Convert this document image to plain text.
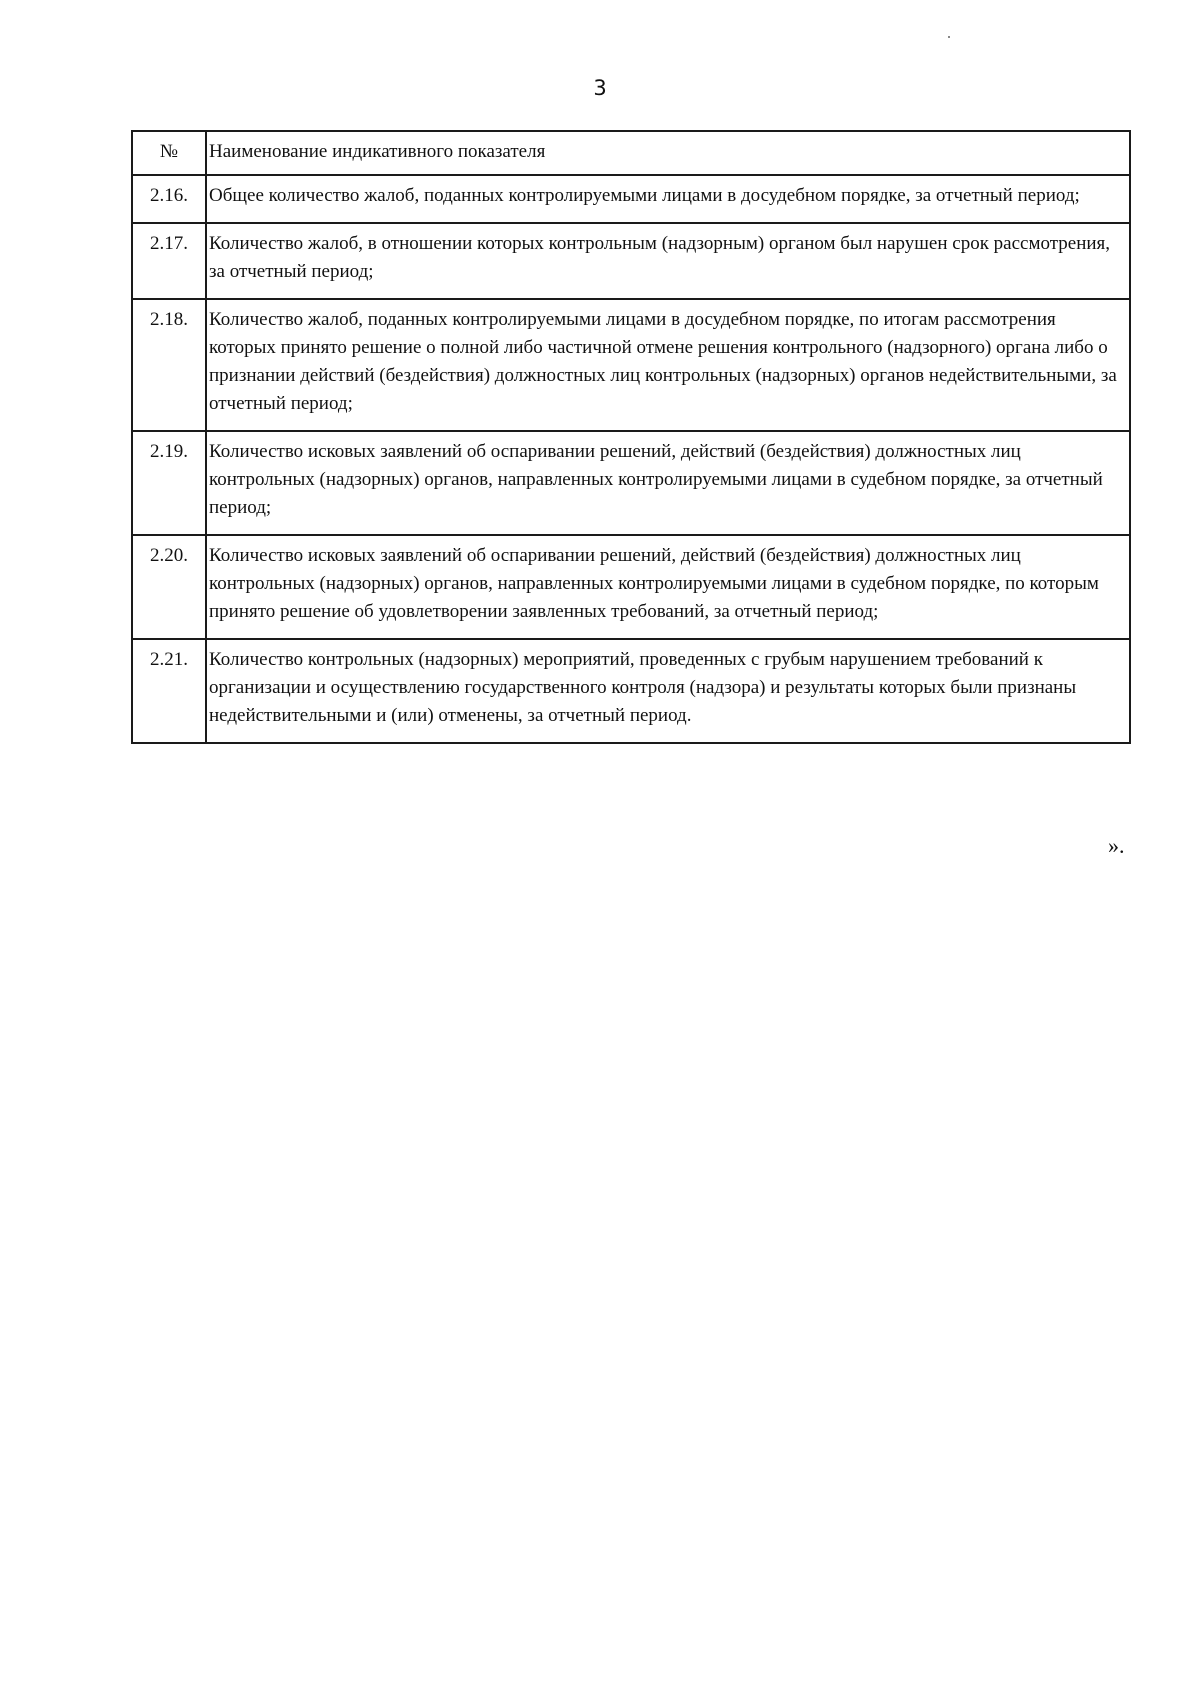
3
№	Наименование индикативного показателя
2.16.	Общее количество жалоб, поданных контролируемыми лицами в досудебном порядке, за отчетный период;
2.17.	Количество жалоб, в отношении которых контрольным (надзорным) органом был нарушен срок рассмотрения, за отчетный период;
2.18.	Количество жалоб, поданных контролируемыми лицами в досудебном порядке, по итогам рассмотрения которых принято решение о полной либо частичной отмене решения контрольного (надзорного) органа либо о признании действий (бездействия) должностных лиц контрольных (надзорных) органов недействительными, за отчетный период;
2.19.	Количество исковых заявлений об оспаривании решений, действий (бездействия) должностных лиц контрольных (надзорных) органов, направленных контролируемыми лицами в судебном порядке, за отчетный период;
2.20.	Количество исковых заявлений об оспаривании решений, действий (бездействия) должностных лиц контрольных (надзорных) органов, направленных контролируемыми лицами в судебном порядке, по которым принято решение об удовлетворении заявленных требований, за отчетный период;
2.21.	Количество контрольных (надзорных) мероприятий, проведенных с грубым нарушением требований к организации и осуществлению государственного контроля (надзора) и результаты которых были признаны недействительными и (или) отменены, за отчетный период.
».
